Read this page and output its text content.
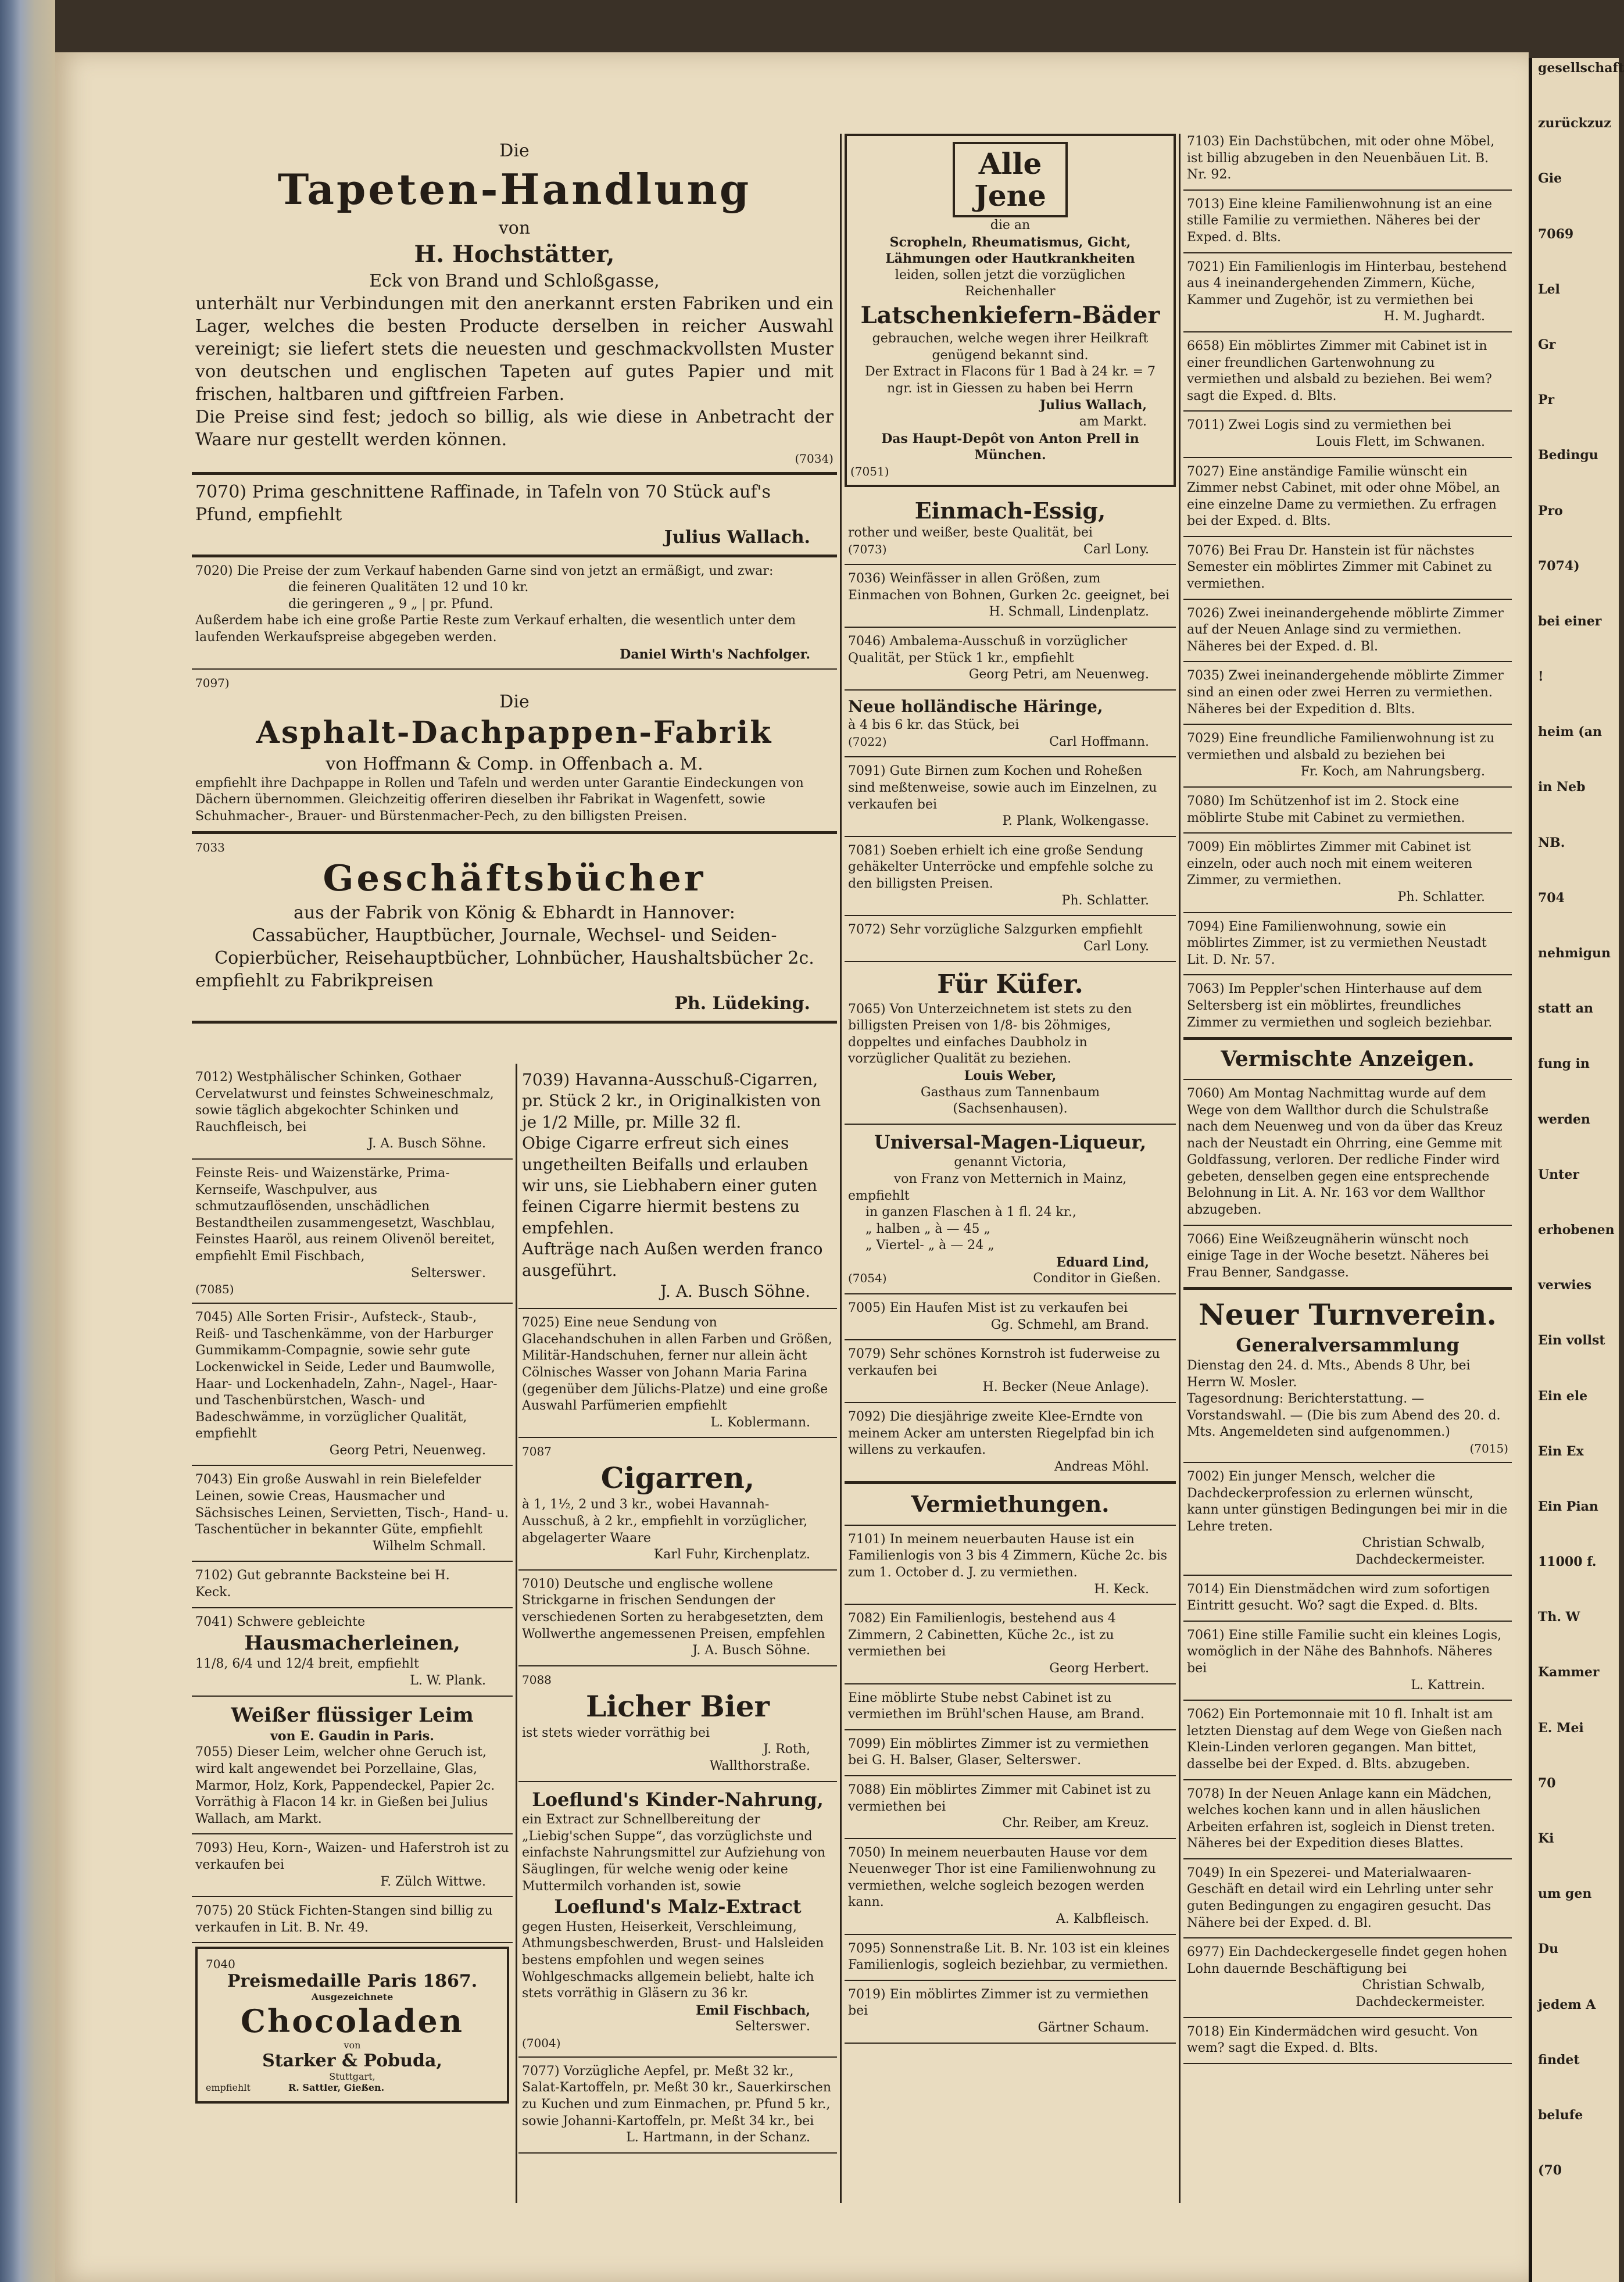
Die
Tapeten-Handlung
von
H. Hochstätter,
Eck von Brand und Schloßgasse,
unterhält nur Verbindungen mit den anerkannt ersten Fabriken und ein Lager, welches die besten Producte derselben in reicher Auswahl vereinigt; sie liefert stets die neuesten und geschmackvollsten Muster von deutschen und englischen Tapeten auf gutes Papier und mit frischen, haltbaren und giftfreien Farben.
Die Preise sind fest; jedoch so billig, als wie diese in Anbetracht der Waare nur gestellt werden können.
(7034)
7070) Prima geschnittene Raffinade, in Tafeln von 70 Stück auf's Pfund, empfiehlt
Julius Wallach.
7020) Die Preise der zum Verkauf habenden Garne sind von jetzt an ermäßigt, und zwar:
die feineren Qualitäten 12 und 10 kr.
die geringeren „ 9 „ | pr. Pfund.
Außerdem habe ich eine große Partie Reste zum Verkauf erhalten, die wesentlich unter dem laufenden Werkaufspreise abgegeben werden.
Daniel Wirth's Nachfolger.
7097)
Die
Asphalt-Dachpappen-Fabrik
von Hoffmann & Comp. in Offenbach a. M.
empfiehlt ihre Dachpappe in Rollen und Tafeln und werden unter Garantie Eindeckungen von Dächern übernommen. Gleichzeitig offeriren dieselben ihr Fabrikat in Wagenfett, sowie Schuhmacher-, Brauer- und Bürstenmacher-Pech, zu den billigsten Preisen.
7033
Geschäftsbücher
aus der Fabrik von König & Ebhardt in Hannover:
Cassabücher, Hauptbücher, Journale, Wechsel- und Seiden-Copierbücher, Reisehauptbücher, Lohnbücher, Haushaltsbücher 2c.
empfiehlt zu Fabrikpreisen
Ph. Lüdeking.
7012) Westphälischer Schinken, Gothaer Cervelatwurst und feinstes Schweineschmalz, sowie täglich abgekochter Schinken und Rauchfleisch, bei
J. A. Busch Söhne.
Feinste Reis- und Waizenstärke, Prima-Kernseife, Waschpulver, aus schmutzauflösenden, unschädlichen Bestandtheilen zusammengesetzt, Waschblau, Feinstes Haaröl, aus reinem Olivenöl bereitet,
empfiehlt Emil Fischbach,
Selterswег.
(7085)
7045) Alle Sorten Frisir-, Aufsteck-, Staub-, Reiß- und Taschenkämme, von der Harburger Gummikamm-Compagnie, sowie sehr gute Lockenwickel in Seide, Leder und Baumwolle, Haar- und Lockenhadeln, Zahn-, Nagel-, Haar- und Taschenbürstchen, Wasch- und Badeschwämme, in vorzüglicher Qualität, empfiehlt
Georg Petri, Neuenweg.
7043) Ein große Auswahl in rein Bielefelder Leinen, sowie Creas, Hausmacher und Sächsisches Leinen, Servietten, Tisch-, Hand- u. Taschentücher in bekannter Güte, empfiehlt
Wilhelm Schmall.
7102) Gut gebrannte Backsteine bei H. Keck.
7041) Schwere gebleichte
Hausmacherleinen,
11/8, 6/4 und 12/4 breit, empfiehlt
L. W. Plank.
Weißer flüssiger Leim
von E. Gaudin in Paris.
7055) Dieser Leim, welcher ohne Geruch ist, wird kalt angewendet bei Porzellaine, Glas, Marmor, Holz, Kork, Pappendeckel, Papier 2c. Vorräthig à Flacon 14 kr. in Gießen bei Julius Wallach, am Markt.
7093) Heu, Korn-, Waizen- und Haferstroh ist zu verkaufen bei
F. Zülch Wittwe.
7075) 20 Stück Fichten-Stangen sind billig zu verkaufen in Lit. B. Nr. 49.
7040
Preismedaille Paris 1867.
Ausgezeichnete
Chocoladen
von
Starker & Pobuda,
Stuttgart,
empfiehlt	R. Sattler, Gießen.
7039) Havanna-Ausschuß-Cigarren, pr. Stück 2 kr., in Originalkisten von je 1/2 Mille, pr. Mille 32 fl.
Obige Cigarre erfreut sich eines ungetheilten Beifalls und erlauben wir uns, sie Liebhabern einer guten feinen Cigarre hiermit bestens zu empfehlen.
Aufträge nach Außen werden franco ausgeführt.
J. A. Busch Söhne.
7025) Eine neue Sendung von Glacehandschuhen in allen Farben und Größen, Militär-Handschuhen, ferner nur allein ächt Cölnisches Wasser von Johann Maria Farina (gegenüber dem Jülichs-Platze) und eine große Auswahl Parfümerien empfiehlt
L. Koblermann.
7087
Cigarren,
à 1, 1½, 2 und 3 kr., wobei Havannah-Ausschuß, à 2 kr., empfiehlt in vorzüglicher, abgelagerter Waare
Karl Fuhr, Kirchenplatz.
7010) Deutsche und englische wollene Strickgarne in frischen Sendungen der verschiedenen Sorten zu herabgesetzten, dem Wollwerthe angemessenen Preisen, empfehlen
J. A. Busch Söhne.
7088
Licher Bier
ist stets wieder vorräthig bei
J. Roth,
Wallthorstraße.
Loeflund's Kinder-Nahrung,
ein Extract zur Schnellbereitung der „Liebig'schen Suppe“, das vorzüglichste und einfachste Nahrungsmittel zur Aufziehung von Säuglingen, für welche wenig oder keine Muttermilch vorhanden ist, sowie
Loeflund's Malz-Extract
gegen Husten, Heiserkeit, Verschleimung, Athmungsbeschwerden, Brust- und Halsleiden bestens empfohlen und wegen seines Wohlgeschmacks allgemein beliebt, halte ich stets vorräthig in Gläsern zu 36 kr.
Emil Fischbach,
Selterswег.
(7004)
7077) Vorzügliche Aepfel, pr. Meßt 32 kr., Salat-Kartoffeln, pr. Meßt 30 kr., Sauerkirschen zu Kuchen und zum Einmachen, pr. Pfund 5 kr., sowie Johanni-Kartoffeln, pr. Meßt 34 kr., bei
L. Hartmann, in der Schanz.
Alle
Jene
die an
Scropheln, Rheumatismus, Gicht, Lähmungen oder Hautkrankheiten
leiden, sollen jetzt die vorzüglichen Reichenhaller
Latschenkiefern-Bäder
gebrauchen, welche wegen ihrer Heilkraft genügend bekannt sind.
Der Extract in Flacons für 1 Bad à 24 kr. = 7 ngr. ist in Giessen zu haben bei Herrn
Julius Wallach,
am Markt.
Das Haupt-Depôt von Anton Prell in München.
(7051)
Einmach-Essig,
rother und weißer, beste Qualität, bei
(7073)	Carl Lony.
7036) Weinfässer in allen Größen, zum Einmachen von Bohnen, Gurken 2c. geeignet, bei
H. Schmall, Lindenplatz.
7046) Ambalema-Ausschuß in vorzüglicher Qualität, per Stück 1 kr., empfiehlt
Georg Petri, am Neuenweg.
Neue holländische Häringe,
à 4 bis 6 kr. das Stück, bei
(7022)	Carl Hoffmann.
7091) Gute Birnen zum Kochen und Roheßen sind meßtenweise, sowie auch im Einzelnen, zu verkaufen bei
P. Plank, Wolkengasse.
7081) Soeben erhielt ich eine große Sendung gehäkelter Unterröcke und empfehle solche zu den billigsten Preisen.
Ph. Schlatter.
7072) Sehr vorzügliche Salzgurken empfiehlt
Carl Lony.
Für Küfer.
7065) Von Unterzeichnetem ist stets zu den billigsten Preisen von 1/8- bis 2öhmiges, doppeltes und einfaches Daubholz in vorzüglicher Qualität zu beziehen.
Louis Weber,
Gasthaus zum Tannenbaum
(Sachsenhausen).
Universal-Magen-Liqueur,
genannt Victoria,
von Franz von Metternich in Mainz,
empfiehlt
in ganzen Flaschen à 1 fl. 24 kr.,
„ halben „ à — 45 „
„ Viertel- „ à — 24 „
Eduard Lind,
(7054)	Conditor in Gießen.
7005) Ein Haufen Mist ist zu verkaufen bei
Gg. Schmehl, am Brand.
7079) Sehr schönes Kornstroh ist fuderweise zu verkaufen bei
H. Becker (Neue Anlage).
7092) Die diesjährige zweite Klee-Erndte von meinem Acker am untersten Riegelpfad bin ich willens zu verkaufen.
Andreas Möhl.
Vermiethungen.
7101) In meinem neuerbauten Hause ist ein Familienlogis von 3 bis 4 Zimmern, Küche 2c. bis zum 1. October d. J. zu vermiethen.
H. Keck.
7082) Ein Familienlogis, bestehend aus 4 Zimmern, 2 Cabinetten, Küche 2c., ist zu vermiethen bei
Georg Herbert.
Eine möblirte Stube nebst Cabinet ist zu vermiethen im Brühl'schen Hause, am Brand.
7099) Ein möblirtes Zimmer ist zu vermiethen bei G. H. Balser, Glaser, Selterswег.
7088) Ein möblirtes Zimmer mit Cabinet ist zu vermiethen bei
Chr. Reiber, am Kreuz.
7050) In meinem neuerbauten Hause vor dem Neuenweger Thor ist eine Familienwohnung zu vermiethen, welche sogleich bezogen werden kann.
A. Kalbfleisch.
7095) Sonnenstraße Lit. B. Nr. 103 ist ein kleines Familienlogis, sogleich beziehbar, zu vermiethen.
7019) Ein möblirtes Zimmer ist zu vermiethen bei
Gärtner Schaum.
7103) Ein Dachstübchen, mit oder ohne Möbel, ist billig abzugeben in den Neuenbäuen Lit. B. Nr. 92.
7013) Eine kleine Familienwohnung ist an eine stille Familie zu vermiethen. Näheres bei der Exped. d. Blts.
7021) Ein Familienlogis im Hinterbau, bestehend aus 4 ineinandergehenden Zimmern, Küche, Kammer und Zugehör, ist zu vermiethen bei
H. M. Jughardt.
6658) Ein möblirtes Zimmer mit Cabinet ist in einer freundlichen Gartenwohnung zu vermiethen und alsbald zu beziehen. Bei wem? sagt die Exped. d. Blts.
7011) Zwei Logis sind zu vermiethen bei
Louis Flett, im Schwanen.
7027) Eine anständige Familie wünscht ein Zimmer nebst Cabinet, mit oder ohne Möbel, an eine einzelne Dame zu vermiethen. Zu erfragen bei der Exped. d. Blts.
7076) Bei Frau Dr. Hanstein ist für nächstes Semester ein möblirtes Zimmer mit Cabinet zu vermiethen.
7026) Zwei ineinandergehende möblirte Zimmer auf der Neuen Anlage sind zu vermiethen. Näheres bei der Exped. d. Bl.
7035) Zwei ineinandergehende möblirte Zimmer sind an einen oder zwei Herren zu vermiethen. Näheres bei der Expedition d. Blts.
7029) Eine freundliche Familienwohnung ist zu vermiethen und alsbald zu beziehen bei
Fr. Koch, am Nahrungsberg.
7080) Im Schützenhof ist im 2. Stock eine möblirte Stube mit Cabinet zu vermiethen.
7009) Ein möblirtes Zimmer mit Cabinet ist einzeln, oder auch noch mit einem weiteren Zimmer, zu vermiethen.
Ph. Schlatter.
7094) Eine Familienwohnung, sowie ein möblirtes Zimmer, ist zu vermiethen Neustadt Lit. D. Nr. 57.
7063) Im Peppler'schen Hinterhause auf dem Seltersberg ist ein möblirtes, freundliches Zimmer zu vermiethen und sogleich beziehbar.
Vermischte Anzeigen.
7060) Am Montag Nachmittag wurde auf dem Wege von dem Wallthor durch die Schulstraße nach dem Neuenweg und von da über das Kreuz nach der Neustadt ein Ohrring, eine Gemme mit Goldfassung, verloren. Der redliche Finder wird gebeten, denselben gegen eine entsprechende Belohnung in Lit. A. Nr. 163 vor dem Wallthor abzugeben.
7066) Eine Weißzeugnäherin wünscht noch einige Tage in der Woche besetzt. Näheres bei Frau Benner, Sandgasse.
Neuer Turnverein.
Generalversammlung
Dienstag den 24. d. Mts., Abends 8 Uhr, bei Herrn W. Mosler.
Tagesordnung: Berichterstattung. — Vorstandswahl. — (Die bis zum Abend des 20. d. Mts. Angemeldeten sind aufgenommen.)
(7015)
7002) Ein junger Mensch, welcher die Dachdeckerprofession zu erlernen wünscht, kann unter günstigen Bedingungen bei mir in die Lehre treten.
Christian Schwalb,
Dachdeckermeister.
7014) Ein Dienstmädchen wird zum sofortigen Eintritt gesucht. Wo? sagt die Exped. d. Blts.
7061) Eine stille Familie sucht ein kleines Logis, womöglich in der Nähe des Bahnhofs. Näheres bei
L. Kattrein.
7062) Ein Portemonnaie mit 10 fl. Inhalt ist am letzten Dienstag auf dem Wege von Gießen nach Klein-Linden verloren gegangen. Man bittet, dasselbe bei der Exped. d. Blts. abzugeben.
7078) In der Neuen Anlage kann ein Mädchen, welches kochen kann und in allen häuslichen Arbeiten erfahren ist, sogleich in Dienst treten. Näheres bei der Expedition dieses Blattes.
7049) In ein Spezerei- und Materialwaaren-Geschäft en detail wird ein Lehrling unter sehr guten Bedingungen zu engagiren gesucht. Das Nähere bei der Exped. d. Bl.
6977) Ein Dachdeckergeselle findet gegen hohen Lohn dauernde Beschäftigung bei
Christian Schwalb,
Dachdeckermeister.
7018) Ein Kindermädchen wird gesucht. Von wem? sagt die Exped. d. Blts.
gesellschaft
zurückzuz
Gie
7069
Lel
Gr
Pr
Bedingu
Pro
7074)
bei einer
!
heim (an
in Neb
NB.
704
nehmigun
statt an
fung in
werden
Unter
erhobenen
verwies
Ein vollst
Ein ele
Ein Ex
Ein Pian
11000 f.
Th. W
Kammer
E. Mei
70
Ki
um gen
Du
jedem A
findet
belufe
(70
